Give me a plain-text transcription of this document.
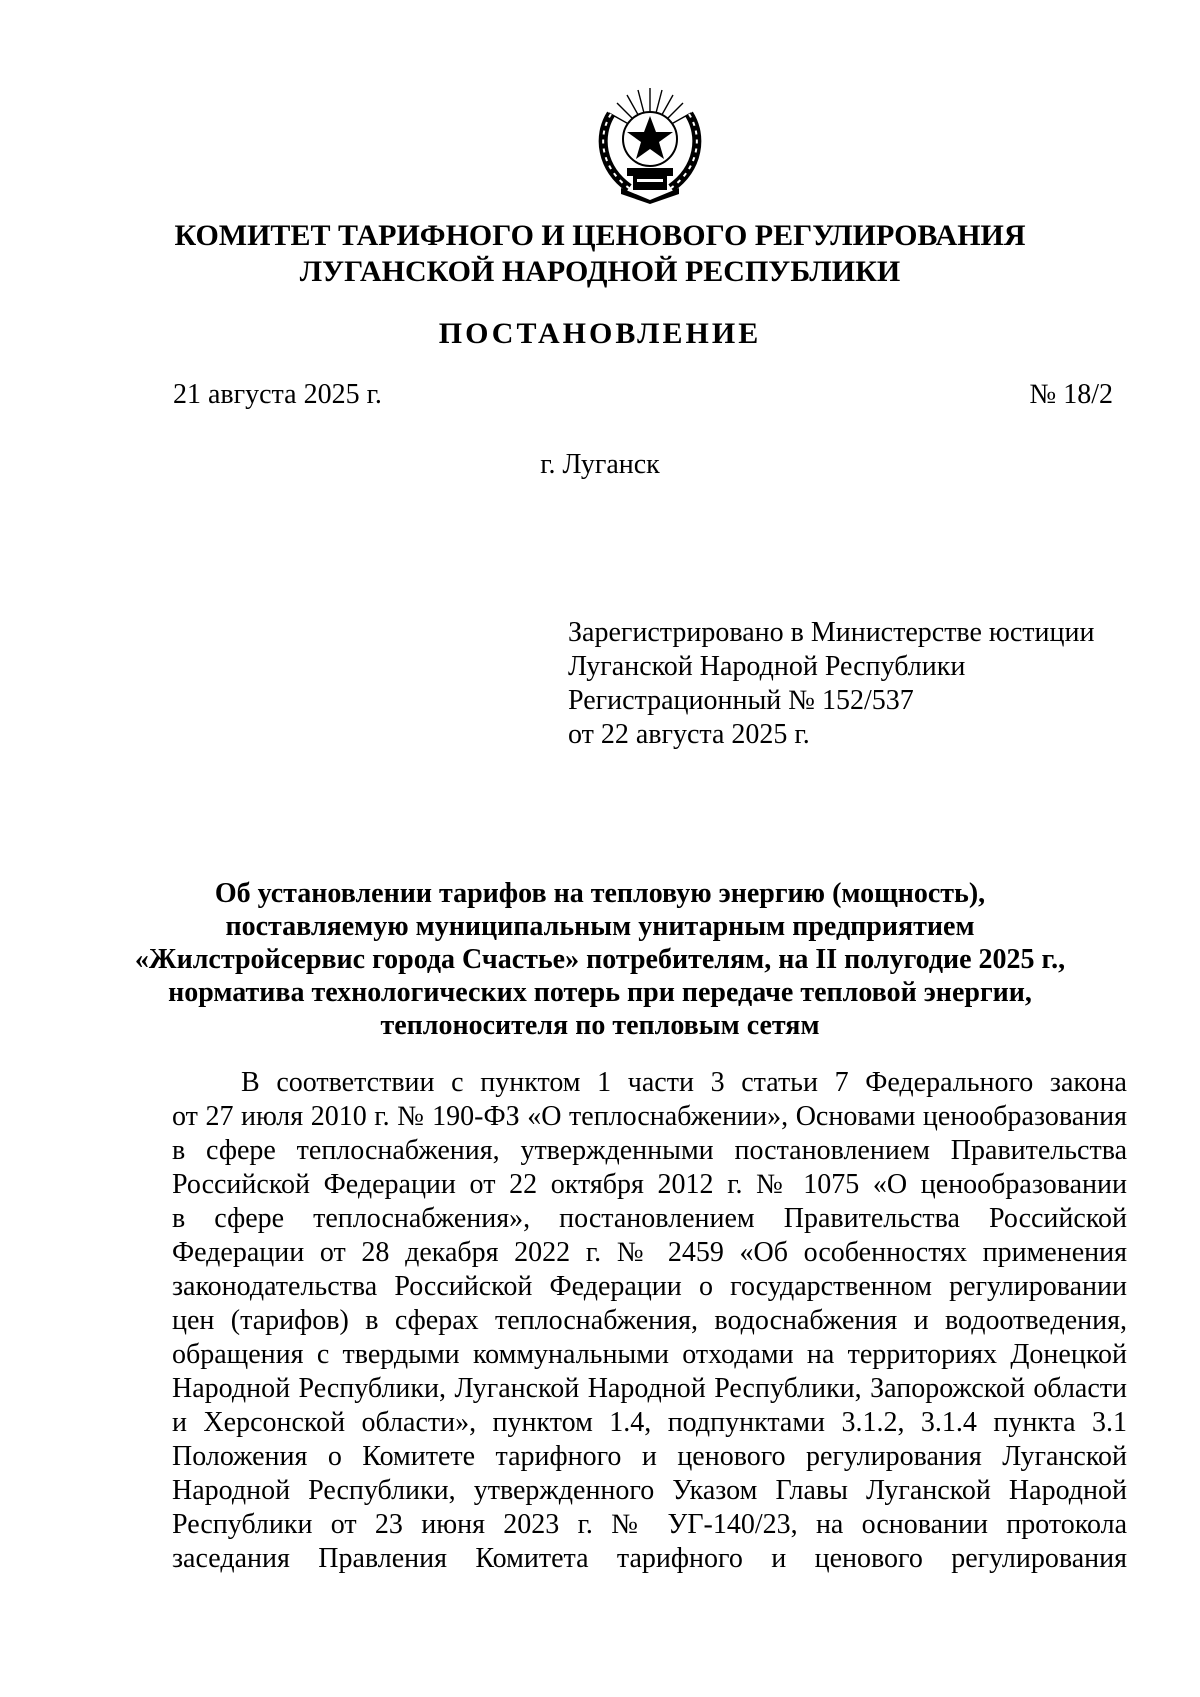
КОМИТЕТ ТАРИФНОГО И ЦЕНОВОГО РЕГУЛИРОВАНИЯ
ЛУГАНСКОЙ НАРОДНОЙ РЕСПУБЛИКИ
ПОСТАНОВЛЕНИЕ
21 августа 2025 г.	№ 18/2
г. Луганск
Зарегистрировано в Министерстве юстиции
Луганской Народной Республики
Регистрационный № 152/537
от 22 августа 2025 г.
Об установлении тарифов на тепловую энергию (мощность),
поставляемую муниципальным унитарным предприятием
«Жилстройсервис города Счастье» потребителям, на II полугодие 2025 г.,
норматива технологических потерь при передаче тепловой энергии,
теплоносителя по тепловым сетям
В соответствии с пунктом 1 части 3 статьи 7 Федерального закона
от 27 июля 2010 г. № 190-ФЗ «О теплоснабжении», Основами ценообразования
в сфере теплоснабжения, утвержденными постановлением Правительства
Российской Федерации от 22 октября 2012 г. № 1075 «О ценообразовании
в сфере теплоснабжения», постановлением Правительства Российской
Федерации от 28 декабря 2022 г. № 2459 «Об особенностях применения
законодательства Российской Федерации о государственном регулировании
цен (тарифов) в сферах теплоснабжения, водоснабжения и водоотведения,
обращения с твердыми коммунальными отходами на территориях Донецкой
Народной Республики, Луганской Народной Республики, Запорожской области
и Херсонской области», пунктом 1.4, подпунктами 3.1.2, 3.1.4 пункта 3.1
Положения о Комитете тарифного и ценового регулирования Луганской
Народной Республики, утвержденного Указом Главы Луганской Народной
Республики от 23 июня 2023 г. № УГ-140/23, на основании протокола
заседания Правления Комитета тарифного и ценового регулирования
